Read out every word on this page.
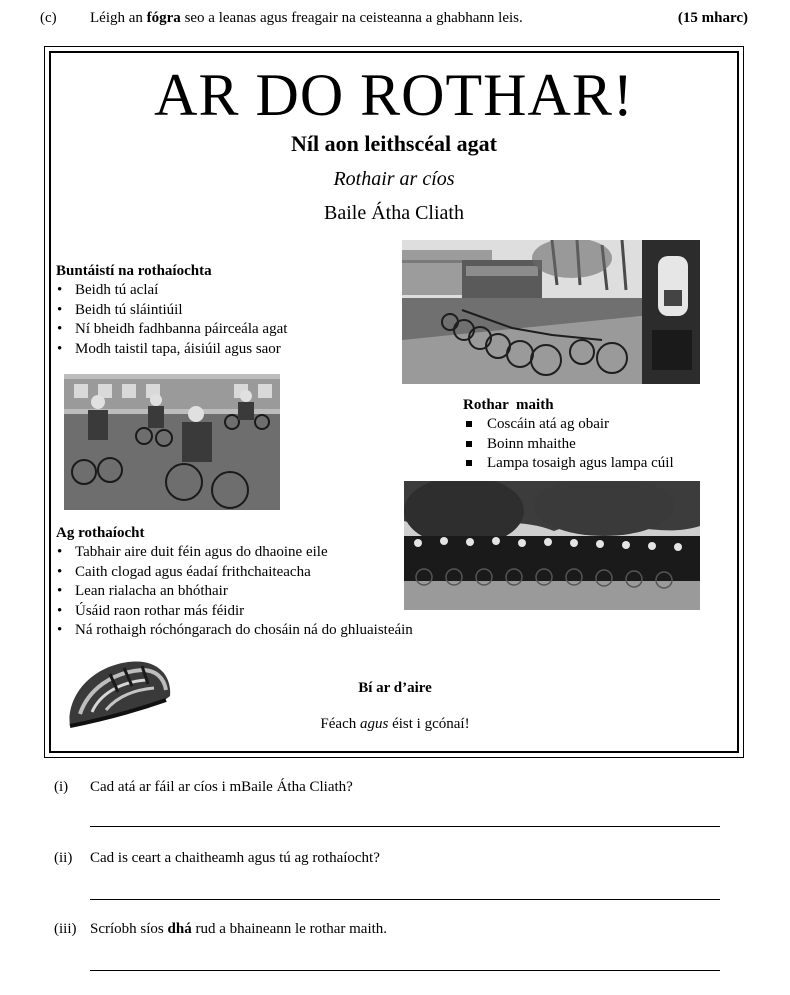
(c) Léigh an fógra seo a leanas agus freagair na ceisteanna a ghabhann leis.	(15 mharc)
AR DO ROTHAR!
Níl aon leithscéal agat
Rothair ar cíos
Baile Átha Cliath
Buntáistí na rothaíochta
• Beidh tú aclaí
• Beidh tú sláintiúil
• Ní bheidh fadhbanna páirceála agat
• Modh taistil tapa, áisiúil agus saor
Rothar  maith
Coscáin atá ag obair
Boinn mhaithe
Lampa tosaigh agus lampa cúil
Ag rothaíocht
• Tabhair aire duit féin agus do dhaoine eile
• Caith clogad agus éadaí frithchaiteacha
• Lean rialacha an bhóthair
• Úsáid raon rothar más féidir
• Ná rothaigh róchóngarach do chosáin ná do ghluaisteáin
Bí ar d’aire
Féach agus éist i gcónaí!
(i) Cad atá ar fáil ar cíos i mBaile Átha Cliath?
(ii) Cad is ceart a chaitheamh agus tú ag rothaíocht?
(iii) Scríobh síos dhá rud a bhaineann le rothar maith.
